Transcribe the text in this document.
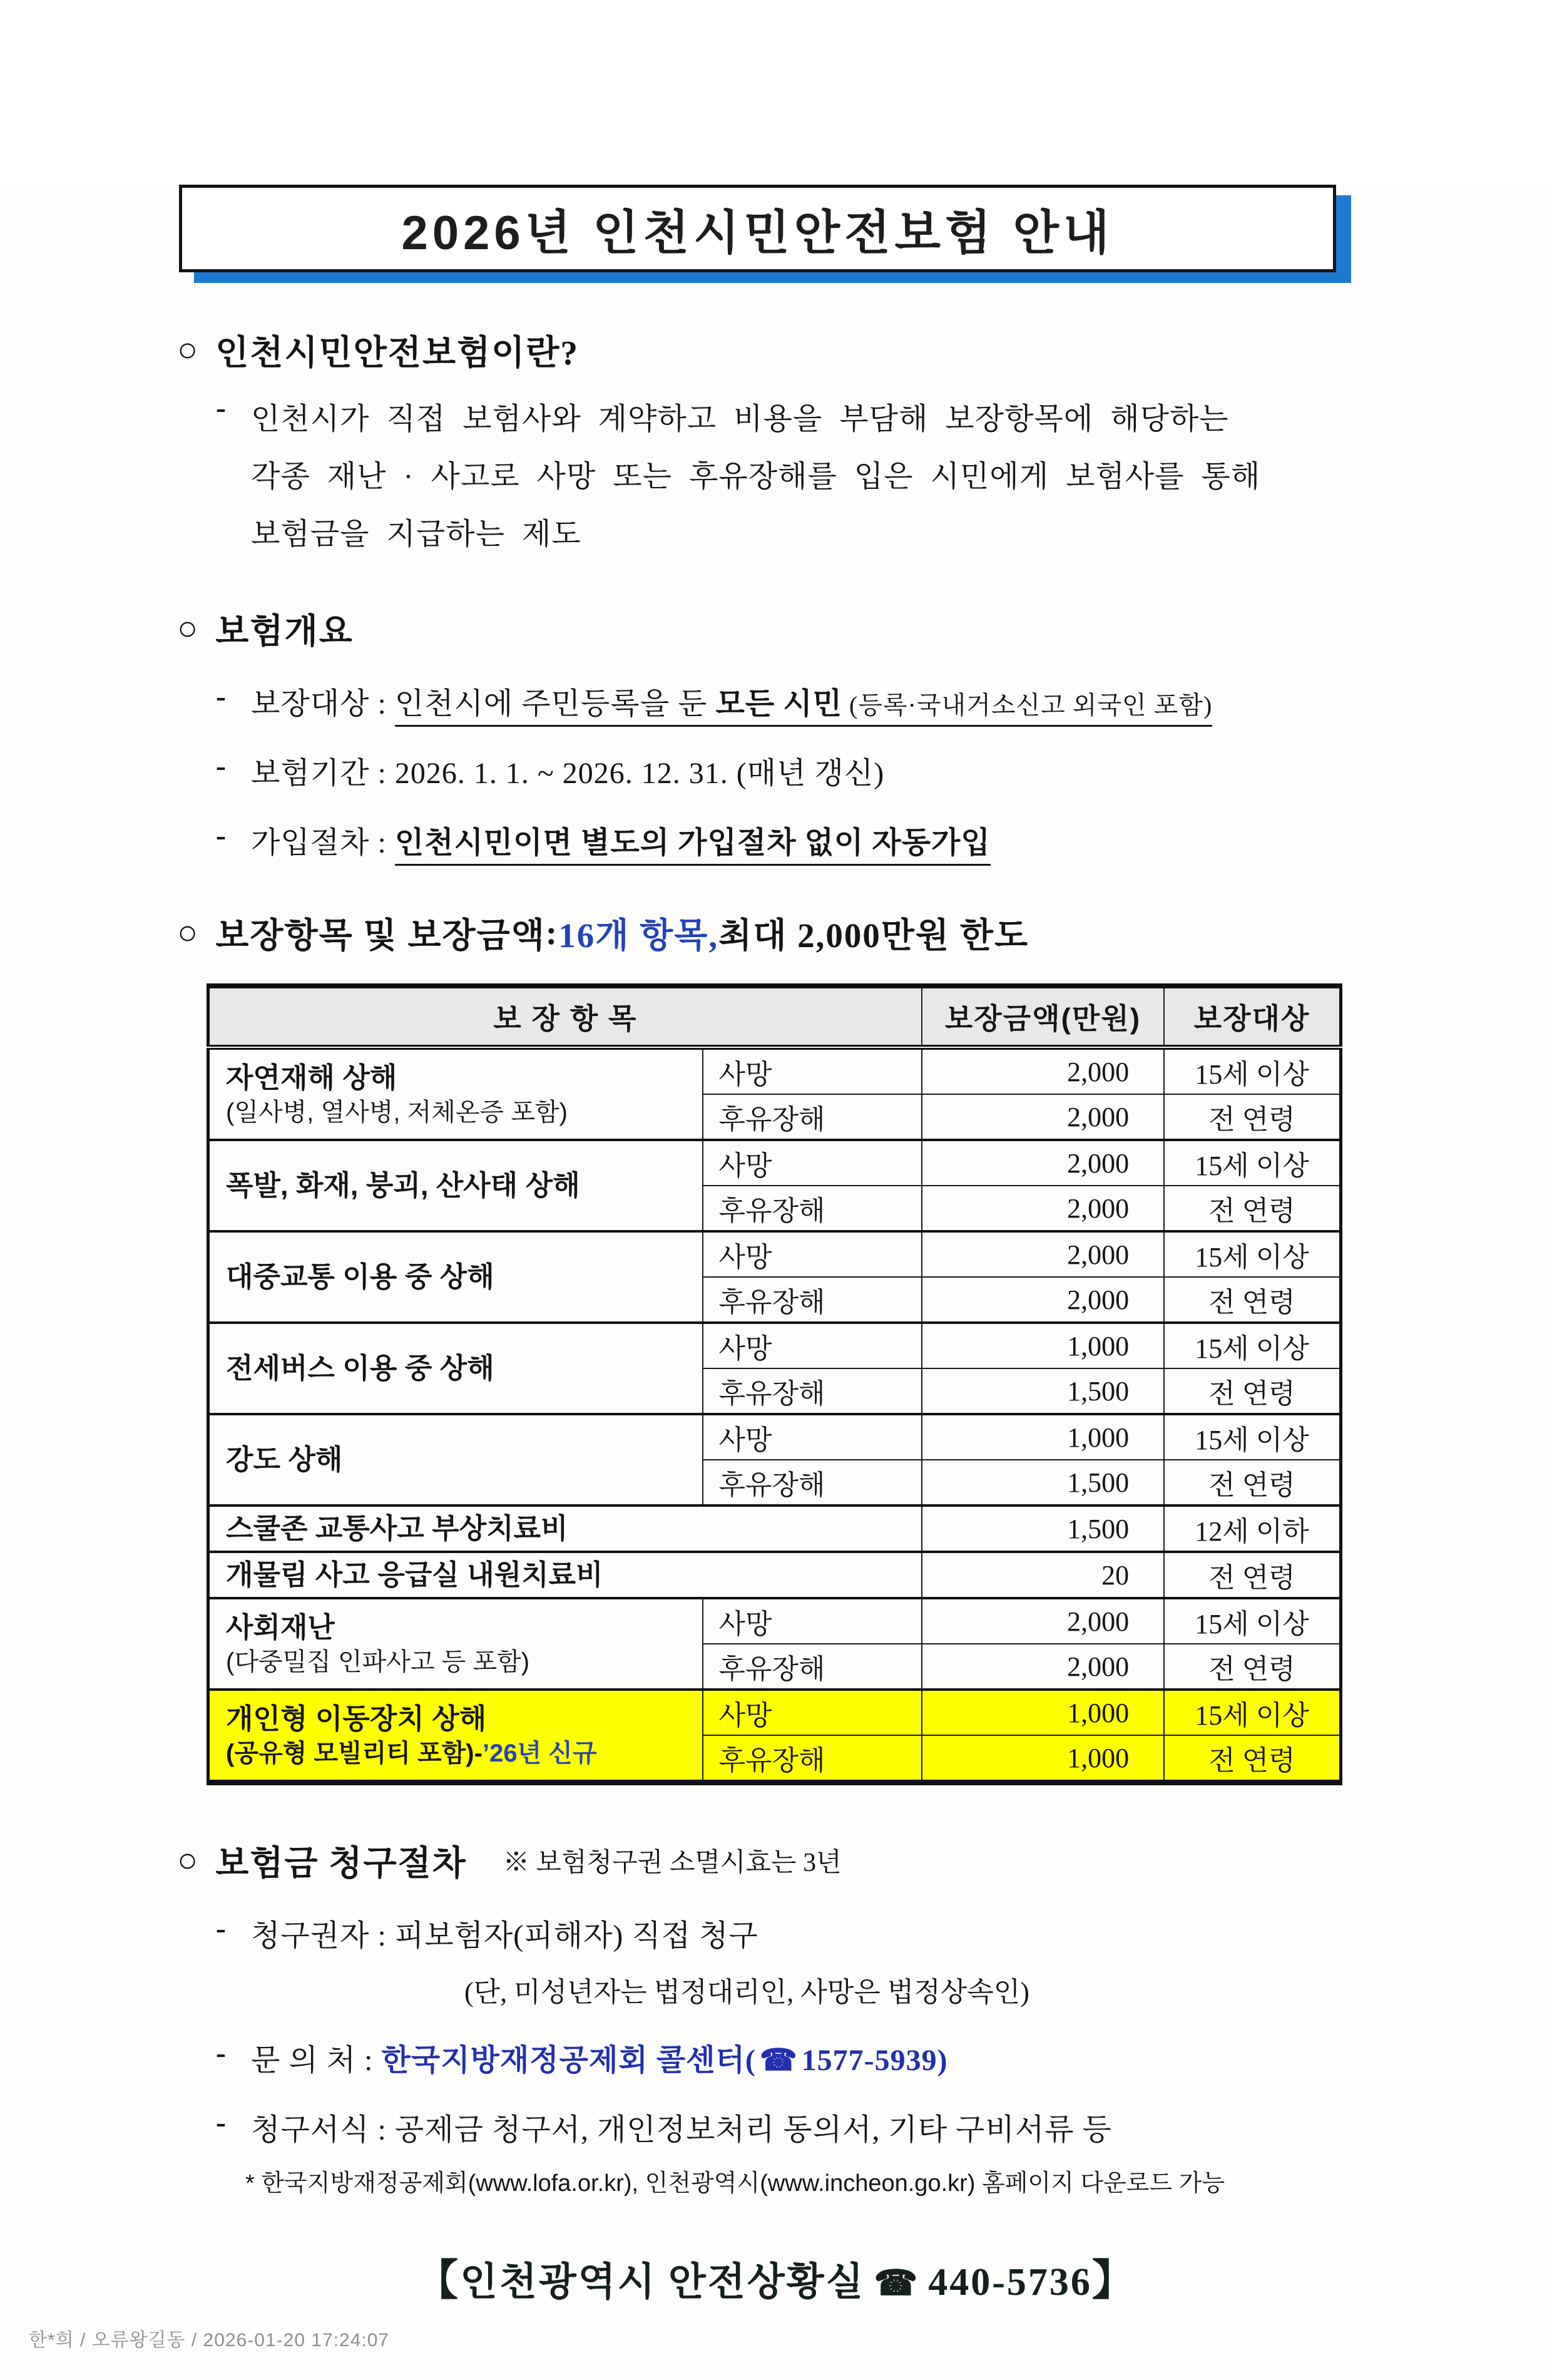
2026년 인천시민안전보험 안내
○ 인천시민안전보험이란?
- 인천시가 직접 보험사와 계약하고 비용을 부담해 보장항목에 해당하는
각종 재난 · 사고로 사망 또는 후유장해를 입은 시민에게 보험사를 통해
보험금을 지급하는 제도
○ 보험개요
- 보장대상 : 인천시에 주민등록을 둔 모든 시민 (등록·국내거소신고 외국인 포함)
- 보험기간 : 2026. 1. 1. ~ 2026. 12. 31. (매년 갱신)
- 가입절차 : 인천시민이면 별도의 가입절차 없이 자동가입
○ 보장항목 및 보장금액 : 16개 항목, 최대 2,000만원 한도
보 장 항 목		보장금액(만원)	보장대상

자연재해 상해
(일사병, 열사병, 저체온증 포함)	사망	2,000	15세 이상
	후유장해	2,000	전 연령

폭발, 화재, 붕괴, 산사태 상해	사망	2,000	15세 이상
	후유장해	2,000	전 연령

대중교통 이용 중 상해	사망	2,000	15세 이상
	후유장해	2,000	전 연령

전세버스 이용 중 상해	사망	1,000	15세 이상
	후유장해	1,500	전 연령

강도 상해	사망	1,000	15세 이상
	후유장해	1,500	전 연령

스쿨존 교통사고 부상치료비		1,500	12세 이하

개물림 사고 응급실 내원치료비		20	전 연령

사회재난
(다중밀집 인파사고 등 포함)	사망	2,000	15세 이상
	후유장해	2,000	전 연령

개인형 이동장치 상해
(공유형 모빌리티 포함)-’26년 신규	사망	1,000	15세 이상
	후유장해	1,000	전 연령
○ 보험금 청구절차 ※ 보험청구권 소멸시효는 3년
- 청구권자 : 피보험자(피해자) 직접 청구
(단, 미성년자는 법정대리인, 사망은 법정상속인)
- 문 의 처 : 한국지방재정공제회 콜센터( ☎ 1577-5939)
- 청구서식 : 공제금 청구서, 개인정보처리 동의서, 기타 구비서류 등
* 한국지방재정공제회(www.lofa.or.kr), 인천광역시(www.incheon.go.kr) 홈페이지 다운로드 가능
【인천광역시 안전상황실 ☎ 440-5736】
한*희 / 오류왕길동 / 2026-01-20 17:24:07
